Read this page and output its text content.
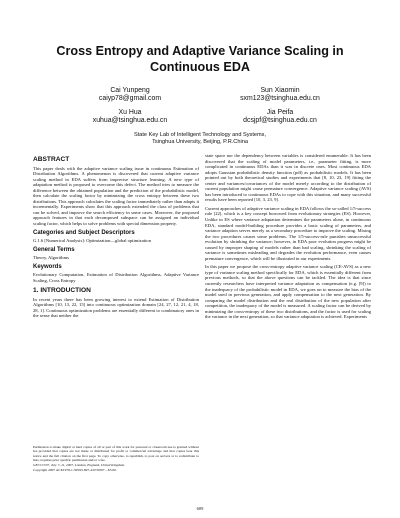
Cross Entropy and Adaptive Variance Scaling in Continuous EDA
Cai Yunpeng
caiyp78@gmail.com
Sun Xiaomin
sxm123@tsinghua.edu.cn
Xu Hua
xuhua@tsinghua.edu.cn
Jia Peifa
dcsjpf@tsinghua.edu.cn
State Key Lab of Intelligent Technology and Systems,
Tsinghua University, Beijing, P.R.China
ABSTRACT

This paper deals with the adaptive variance scaling issue in continuous Estimation of Distribution Algorithms. A phenomenon is discovered that current adaptive variance scaling method in EDA suffers from imprecise structure learning. A new type of adaptation method is proposed to overcome this defect. The method tries to measure the difference between the obtained population and the prediction of the probabilistic model, then calculate the scaling factor by minimizing the cross entropy between these two distributions. This approach calculates the scaling factor immediately rather than adapts it incrementally. Experiments show that this approach extended the class of problems that can be solved, and improve the search efficiency in some cases. Moreover, the proposed approach features in that each decomposed subspace can be assigned an individual scaling factor, which helps to solve problems with special dimension property.

Categories and Subject Descriptors

G.1.6 [Numerical Analysis]: Optimization—global optimization

General Terms

Theory, Algorithms

Keywords

Evolutionary Computation, Estimation of Distribution Algorithms, Adaptive Variance Scaling, Cross Entropy

1. INTRODUCTION

In recent years there has been growing interest to extend Estimation of Distribution Algorithms [10, 13, 22, 15] into continuous optimization domain [24, 27, 12, 21, 4, 18, 28, 1]. Continuous optimization problems are essentially different to combinatory ones in the sense that neither the

Permission to make digital or hard copies of all or part of this work for personal or classroom use is granted without fee provided that copies are not made or distributed for profit or commercial advantage and that copies bear this notice and the full citation on the first page. To copy otherwise, to republish, to post on servers or to redistribute to lists, requires prior specific permission and/or a fee.

GECCO'07, July 7–11, 2007, London, England, United Kingdom.

Copyright 2007 ACM 978-1-59593-697-4/07/0007 ...$5.00.

state space nor the dependency between variables is considered enumerable. It has been discovered that the scaling of model parameters, i.e., parameter fitting, is more complicated in continuous EDAs than it was in discrete ones. Most continuous EDA adopts Gaussian probabilistic density function (pdf) as probabilistic models. It has been pointed out by both theoretical studies and experiments that [8, 10, 23, 19] fitting the center and variances/covariances of the model merely according to the distribution of current population might cause premature convergence. Adaptive variance scaling (AVS) has been introduced to continuous EDAs to cope with this situation, and many successful results have been reported [10, 3, 23, 9].

Current approaches of adaptive variance scaling in EDA follows the so-called 1/5-success rule [22], which is a key concept borrowed from evolutionary strategies (ES). However, Unlike in ES where variance adaptation determines the parameters alone, in continuous EDA, standard model-building procedure provides a basic scaling of parameters, and variance adaption serves merely as a secondary procedure to improve the scaling. Mixing the two procedures causes some problems. The 1/5-success-rule punishes unsuccessful evolution by shrinking the variance; however, in EDA poor evolution progress might be caused by improper shaping of models rather than bad scaling, shrinking the scaling of variance is sometimes misleading and degrades the evolution performance, even causes premature convergence, which will be illustrated in our experiments.

In this paper we propose the cross-entropy adaptive variance scaling (CE-AVS) as a new type of variance scaling method specifically for EDA, which is essentially different from previous methods, so that the above questions can be tackled. The idea is that since currently researchers have interpreted variance adaptation as compensation (e.g. [9]) to the inadequacy of the probabilistic model in EDA, we goes on to measure the bias of the model used in previous generation, and apply compensation to the next generation. By comparing the model distribution and the real distribution of the new population after competition, the inadequacy of the model is measured. A scaling factor can be derived by minimizing the cross-entropy of these two distributions, and the factor is used for scaling the variance in the next generation, so that variance adaptation is achieved. Experiments

609
